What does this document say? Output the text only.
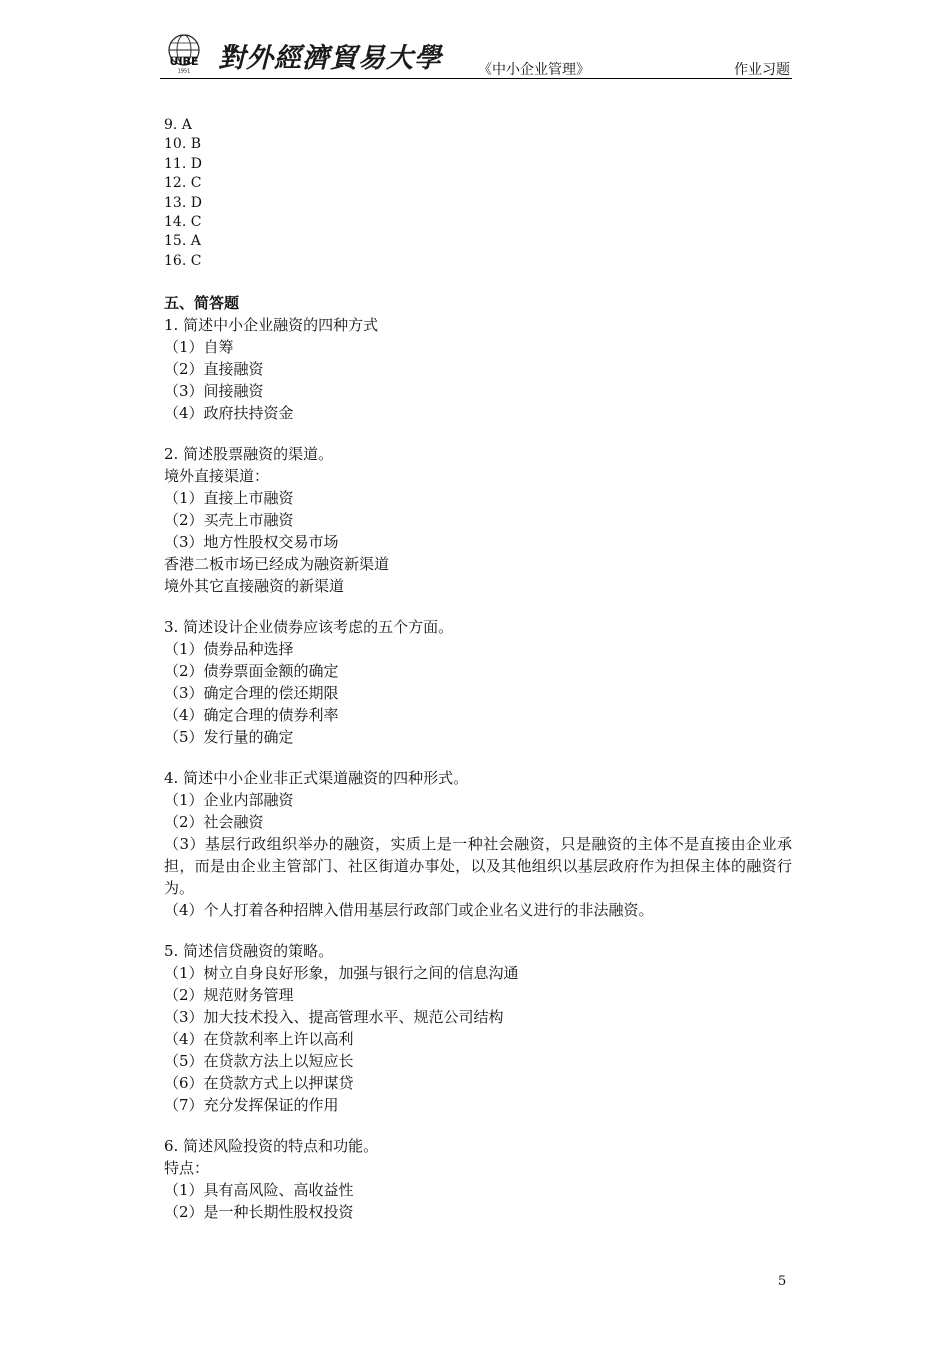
UIBE
1951 對外經濟貿易大學	《中小企业管理》	作业习题
9. A
10. B
11. D
12. C
13. D
14. C
15. A
16. C
五、简答题
1. 简述中小企业融资的四种方式
（1）自筹
（2）直接融资
（3）间接融资
（4）政府扶持资金
2. 简述股票融资的渠道。
境外直接渠道：
（1）直接上市融资
（2）买壳上市融资
（3）地方性股权交易市场
香港二板市场已经成为融资新渠道
境外其它直接融资的新渠道
3. 简述设计企业债券应该考虑的五个方面。
（1）债券品种选择
（2）债券票面金额的确定
（3）确定合理的偿还期限
（4）确定合理的债券利率
（5）发行量的确定
4. 简述中小企业非正式渠道融资的四种形式。
（1）企业内部融资
（2）社会融资
（3）基层行政组织举办的融资，实质上是一种社会融资，只是融资的主体不是直接由企业承担，而是由企业主管部门、社区街道办事处，以及其他组织以基层政府作为担保主体的融资行为。
（4）个人打着各种招牌入借用基层行政部门或企业名义进行的非法融资。
5. 简述信贷融资的策略。
（1）树立自身良好形象，加强与银行之间的信息沟通
（2）规范财务管理
（3）加大技术投入、提高管理水平、规范公司结构
（4）在贷款利率上许以高利
（5）在贷款方法上以短应长
（6）在贷款方式上以押谋贷
（7）充分发挥保证的作用
6. 简述风险投资的特点和功能。
特点：
（1）具有高风险、高收益性
（2）是一种长期性股权投资
5
